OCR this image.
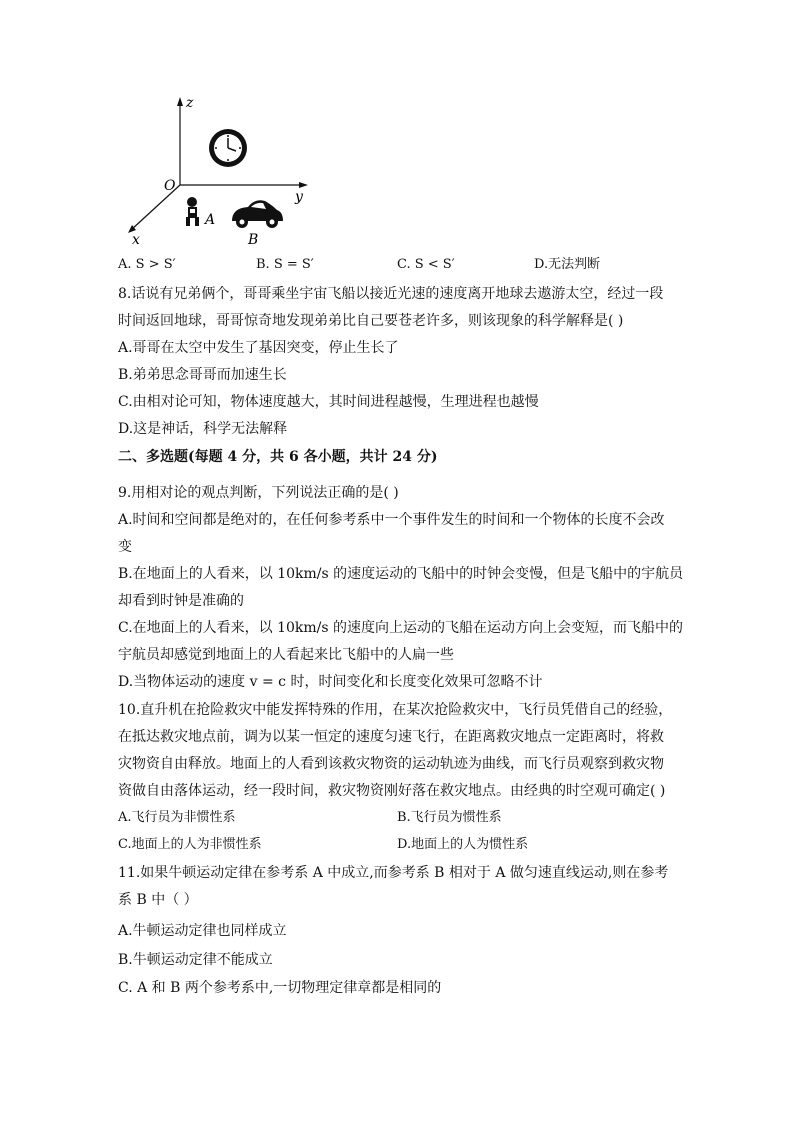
z
y
x
O
A
B
A. S > S′	B. S = S′	C. S < S′	D.无法判断
8.话说有兄弟俩个，哥哥乘坐宇宙飞船以接近光速的速度离开地球去遨游太空，经过一段
时间返回地球，哥哥惊奇地发现弟弟比自己要苍老许多，则该现象的科学解释是( )
A.哥哥在太空中发生了基因突变，停止生长了
B.弟弟思念哥哥而加速生长
C.由相对论可知，物体速度越大，其时间进程越慢，生理进程也越慢
D.这是神话，科学无法解释
二、多选题(每题 4 分，共 6 各小题，共计 24 分)
9.用相对论的观点判断，下列说法正确的是( )
A.时间和空间都是绝对的，在任何参考系中一个事件发生的时间和一个物体的长度不会改
变
B.在地面上的人看来，以 10km/s 的速度运动的飞船中的时钟会变慢，但是飞船中的宇航员
却看到时钟是准确的
C.在地面上的人看来，以 10km/s 的速度向上运动的飞船在运动方向上会变短，而飞船中的
宇航员却感觉到地面上的人看起来比飞船中的人扁一些
D.当物体运动的速度 v = c 时，时间变化和长度变化效果可忽略不计
10.直升机在抢险救灾中能发挥特殊的作用，在某次抢险救灾中，飞行员凭借自己的经验，
在抵达救灾地点前，调为以某一恒定的速度匀速飞行，在距离救灾地点一定距离时，将救
灾物资自由释放。地面上的人看到该救灾物资的运动轨迹为曲线，而飞行员观察到救灾物
资做自由落体运动，经一段时间，救灾物资刚好落在救灾地点。由经典的时空观可确定( )
A.飞行员为非惯性系	B.飞行员为惯性系
C.地面上的人为非惯性系	D.地面上的人为惯性系
11.如果牛顿运动定律在参考系 A 中成立,而参考系 B 相对于 A 做匀速直线运动,则在参考
系 B 中（ ）
A.牛顿运动定律也同样成立
B.牛顿运动定律不能成立
C. A 和 B 两个参考系中,一切物理定律章都是相同的
